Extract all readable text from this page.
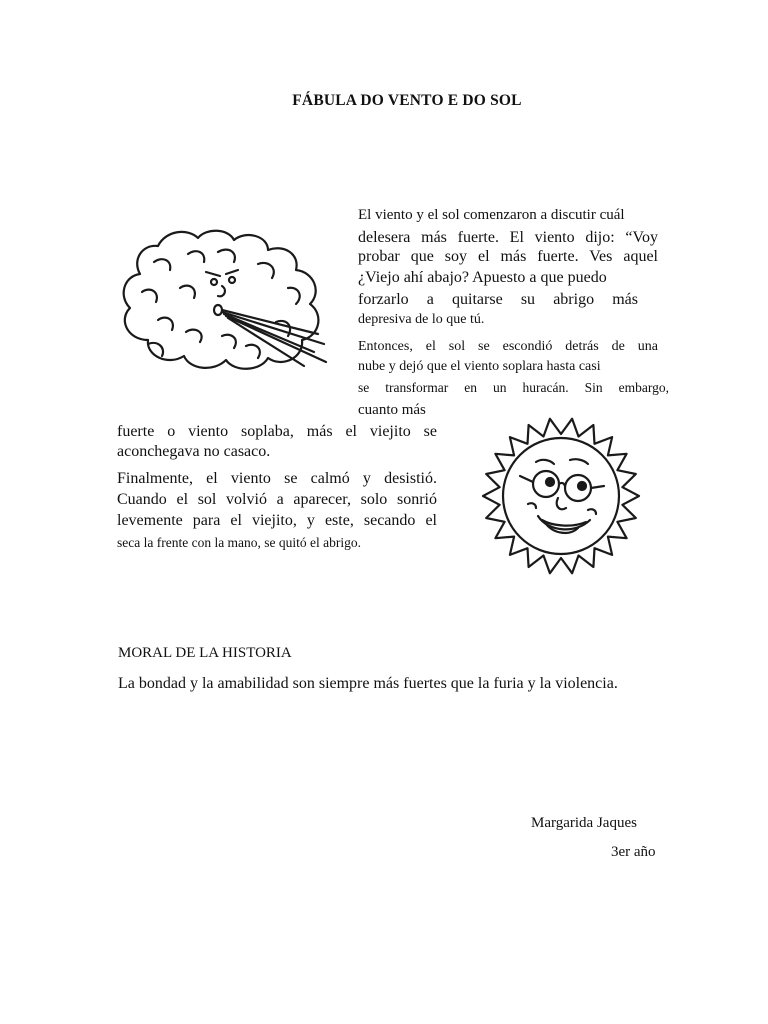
FÁBULA DO VENTO E DO SOL
El viento y el sol comenzaron a discutir cuál
delesera más fuerte. El viento dijo: “Voy
probar que soy el más fuerte. Ves aquel
¿Viejo ahí abajo? Apuesto a que puedo
forzarlo a quitarse su abrigo más
depresiva de lo que tú.
Entonces, el sol se escondió detrás de una
nube y dejó que el viento soplara hasta casi
se transformar en un huracán. Sin embargo,
cuanto más
fuerte o viento soplaba, más el viejito se
aconchegava no casaco.
Finalmente, el viento se calmó y desistió.
Cuando el sol volvió a aparecer, solo sonrió
levemente para el viejito, y este, secando el
seca la frente con la mano, se quitó el abrigo.
MORAL DE LA HISTORIA
La bondad y la amabilidad son siempre más fuertes que la furia y la violencia.
Margarida Jaques
3er año
